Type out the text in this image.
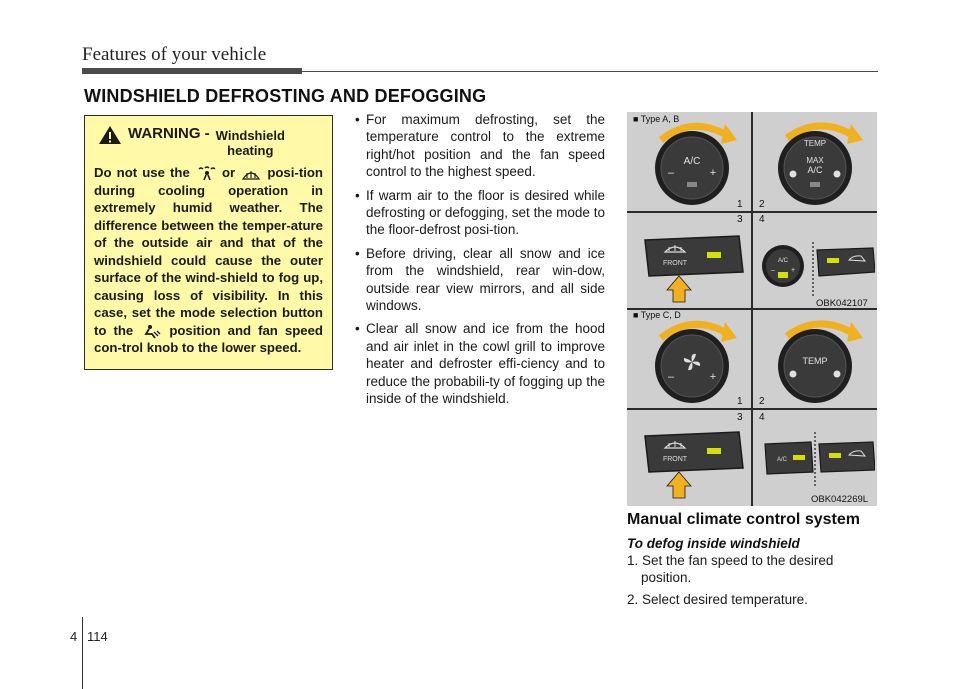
Features of your vehicle
WINDSHIELD DEFROSTING AND DEFOGGING
WARNING - Windshield
heating
Do not use the or posi-tion during cooling operation in extremely humid weather. The difference between the temper-ature of the outside air and that of the windshield could cause the outer surface of the wind-shield to fog up, causing loss of visibility. In this case, set the mode selection button to the	position and fan speed con-trol knob to the lower speed.
• For maximum defrosting, set the temperature control to the extreme right/hot position and the fan speed control to the highest speed.
• If warm air to the floor is desired while defrosting or defogging, set the mode to the floor-defrost posi-tion.
• Before driving, clear all snow and ice from the windshield, rear win-dow, outside rear view mirrors, and all side windows.
• Clear all snow and ice from the hood and air inlet in the cowl grill to improve heater and defroster effi-ciency and to reduce the probabili-ty of fogging up the inside of the windshield.
■ Type A, B
A/C
–	+
1
TEMP
MAX
A/C
2
3 4
FRONT	A/C
– +
OBK042107
■ Type C, D
–	+
1
TEMP
2
3 4
FRONT	A/C
OBK042269L
Manual climate control system
To defog inside windshield
1. Set the fan speed to the desired position.
2. Select desired temperature.
4 114
